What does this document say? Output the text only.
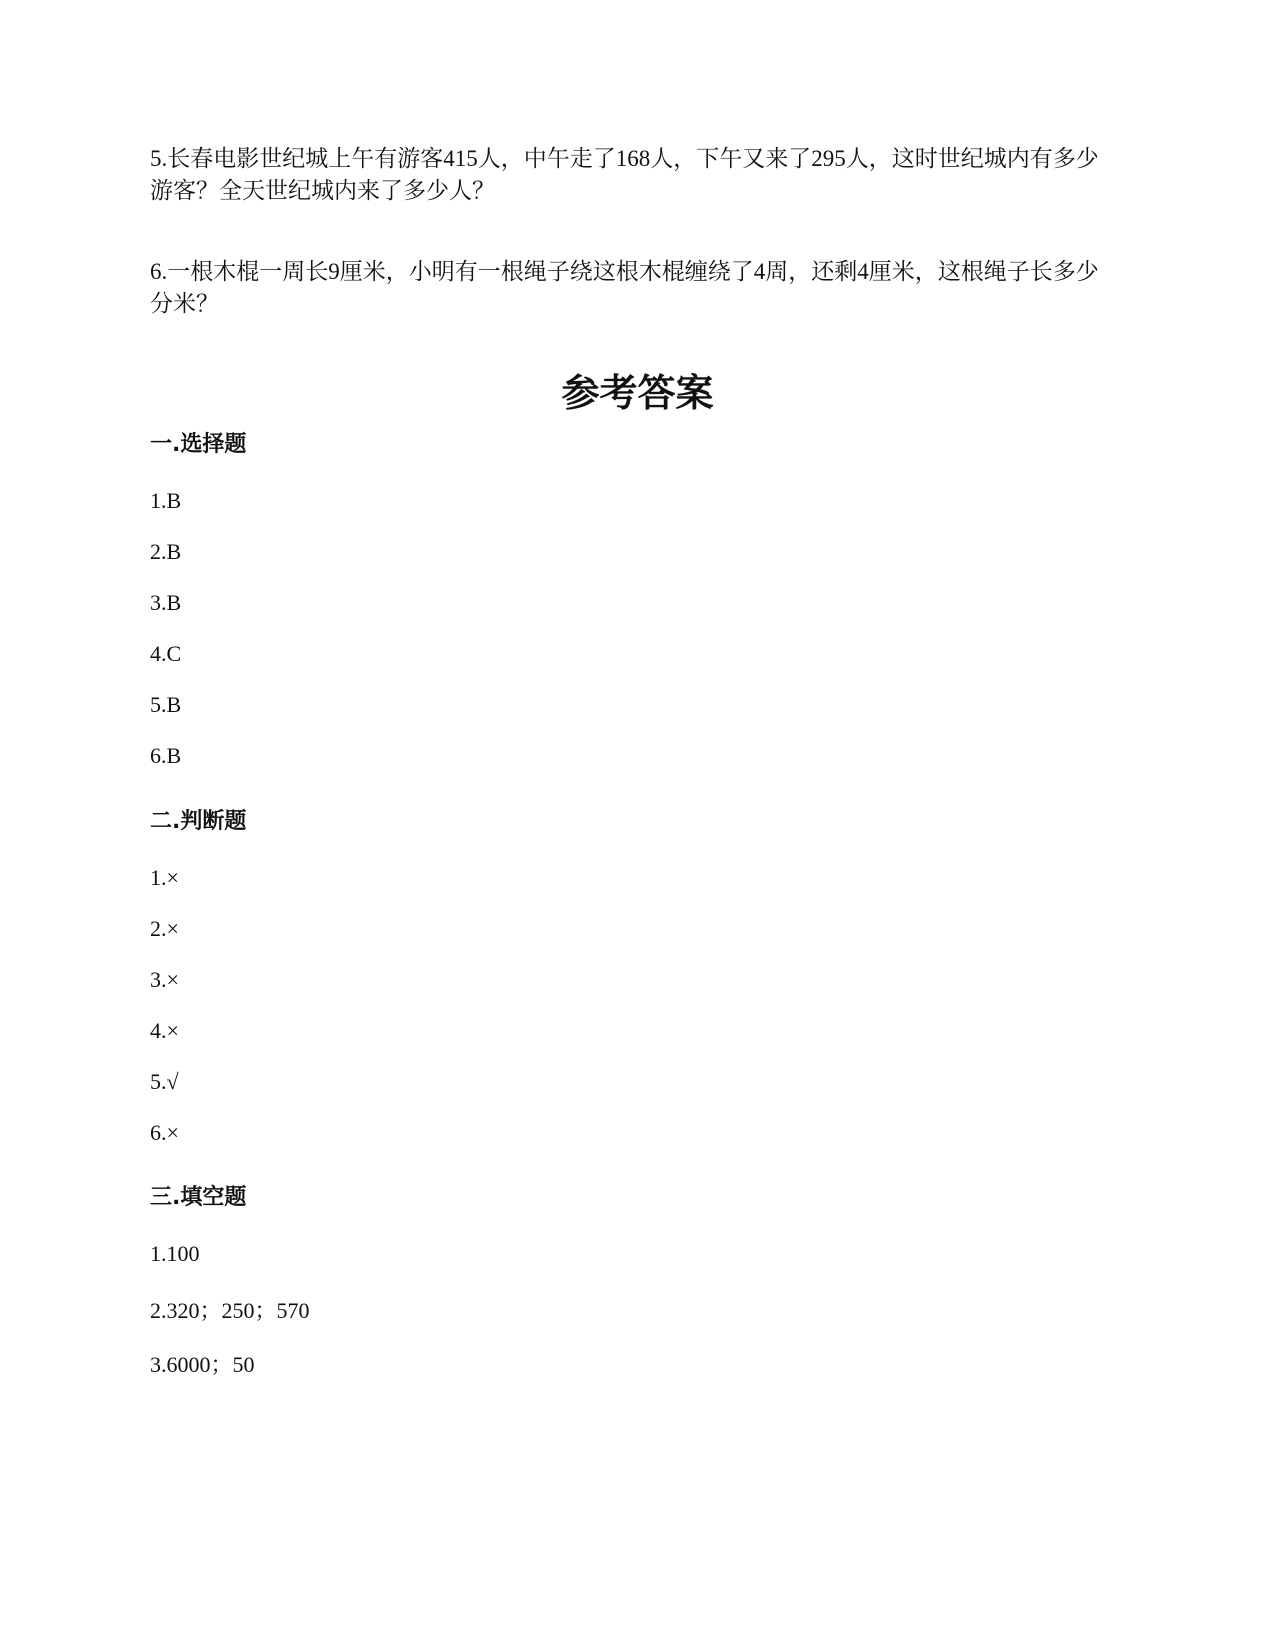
5.长春电影世纪城上午有游客415人，中午走了168人，下午又来了295人，这时世纪城内有多少游客？全天世纪城内来了多少人？
6.一根木棍一周长9厘米，小明有一根绳子绕这根木棍缠绕了4周，还剩4厘米，这根绳子长多少分米？
参考答案
一.选择题
1.B
2.B
3.B
4.C
5.B
6.B
二.判断题
1.×
2.×
3.×
4.×
5.√
6.×
三.填空题
1.100
2.320；250；570
3.6000；50
